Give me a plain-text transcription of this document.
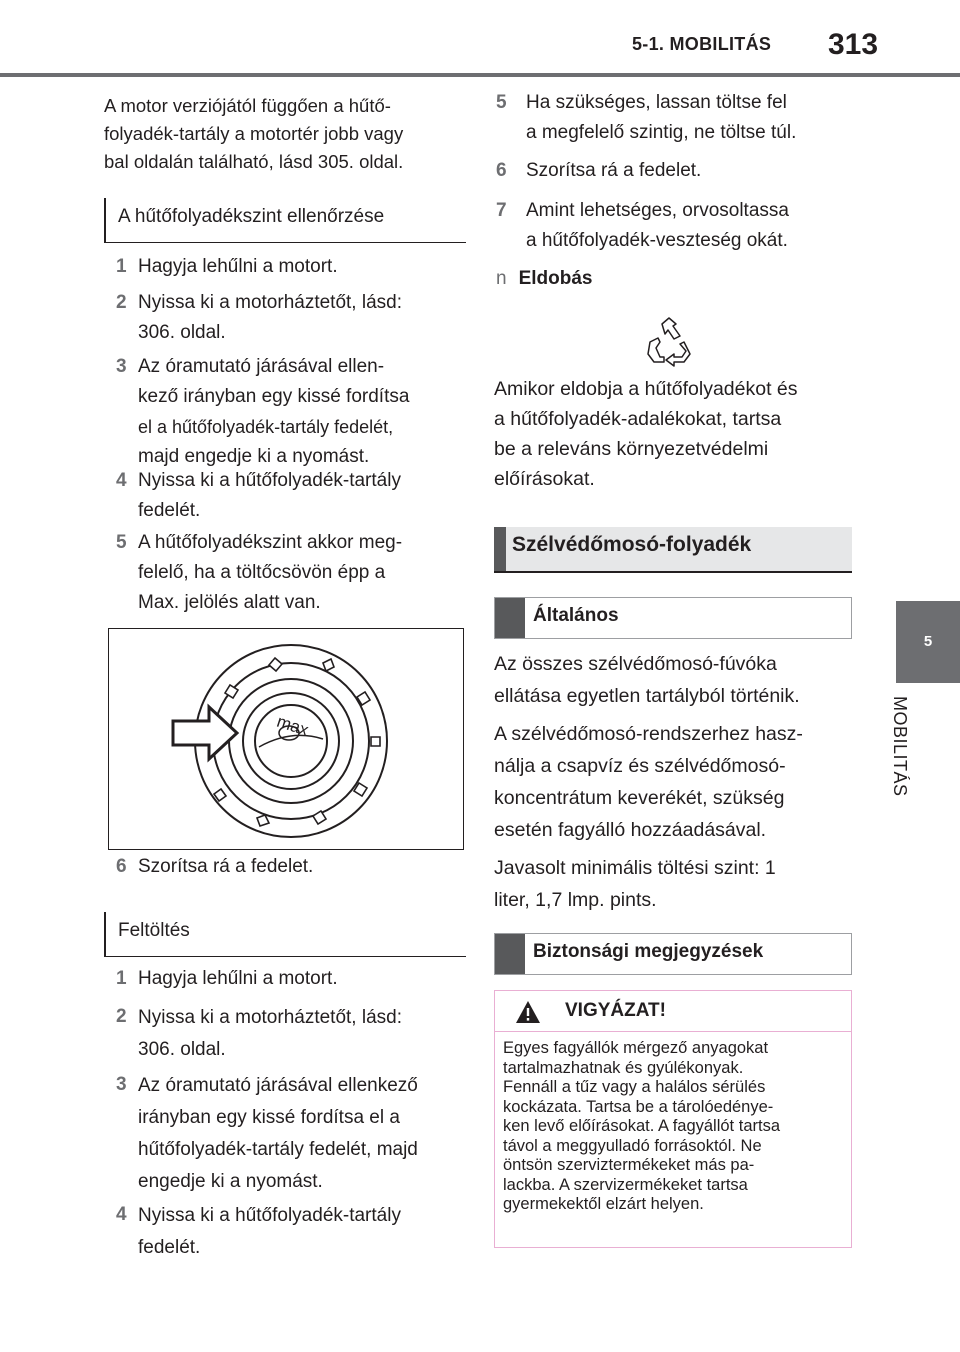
5-1. MOBILITÁS 313
5
MOBILITÁS
A motor verziójától függően a hűtő-
folyadék-tartály a motortér jobb vagy
bal oldalán található, lásd 305. oldal.
A hűtőfolyadékszint ellenőrzése
1 Hagyja lehűlni a motort.
2 Nyissa ki a motorháztetőt, lásd:
306. oldal.
3 Az óramutató járásával ellen-
kező irányban egy kissé fordítsa
el a hűtőfolyadék-tartály fedelét,
majd engedje ki a nyomást.
4 Nyissa ki a hűtőfolyadék-tartály
fedelét.
5 A hűtőfolyadékszint akkor meg-
felelő, ha a töltőcsövön épp a
Max. jelölés alatt van.
max
6 Szorítsa rá a fedelet.
Feltöltés
1 Hagyja lehűlni a motort.
2 Nyissa ki a motorháztetőt, lásd:
306. oldal.
3 Az óramutató járásával ellenkező
irányban egy kissé fordítsa el a
hűtőfolyadék-tartály fedelét, majd
engedje ki a nyomást.
4 Nyissa ki a hűtőfolyadék-tartály
fedelét.
5 Ha szükséges, lassan töltse fel
a megfelelő szintig, ne töltse túl.
6 Szorítsa rá a fedelet.
7 Amint lehetséges, orvosoltassa
a hűtőfolyadék-veszteség okát.
n Eldobás
Amikor eldobja a hűtőfolyadékot és
a hűtőfolyadék-adalékokat, tartsa
be a releváns környezetvédelmi
előírásokat.
Szélvédőmosó-folyadék
Általános
Az összes szélvédőmosó-fúvóka
ellátása egyetlen tartályból történik.
A szélvédőmosó-rendszerhez hasz-
nálja a csapvíz és szélvédőmosó-
koncentrátum keverékét, szükség
esetén fagyálló hozzáadásával.
Javasolt minimális töltési szint: 1
liter, 1,7 lmp. pints.
Biztonsági megjegyzések
VIGYÁZAT!
Egyes fagyállók mérgező anyagokat
tartalmazhatnak és gyúlékonyak.
Fennáll a tűz vagy a halálos sérülés
kockázata. Tartsa be a tárolóedénye-
ken levő előírásokat. A fagyállót tartsa
távol a meggyulladó forrásoktól. Ne
öntsön szerviztermékeket más pa-
lackba. A szervizermékeket tartsa
gyermekektől elzárt helyen.
